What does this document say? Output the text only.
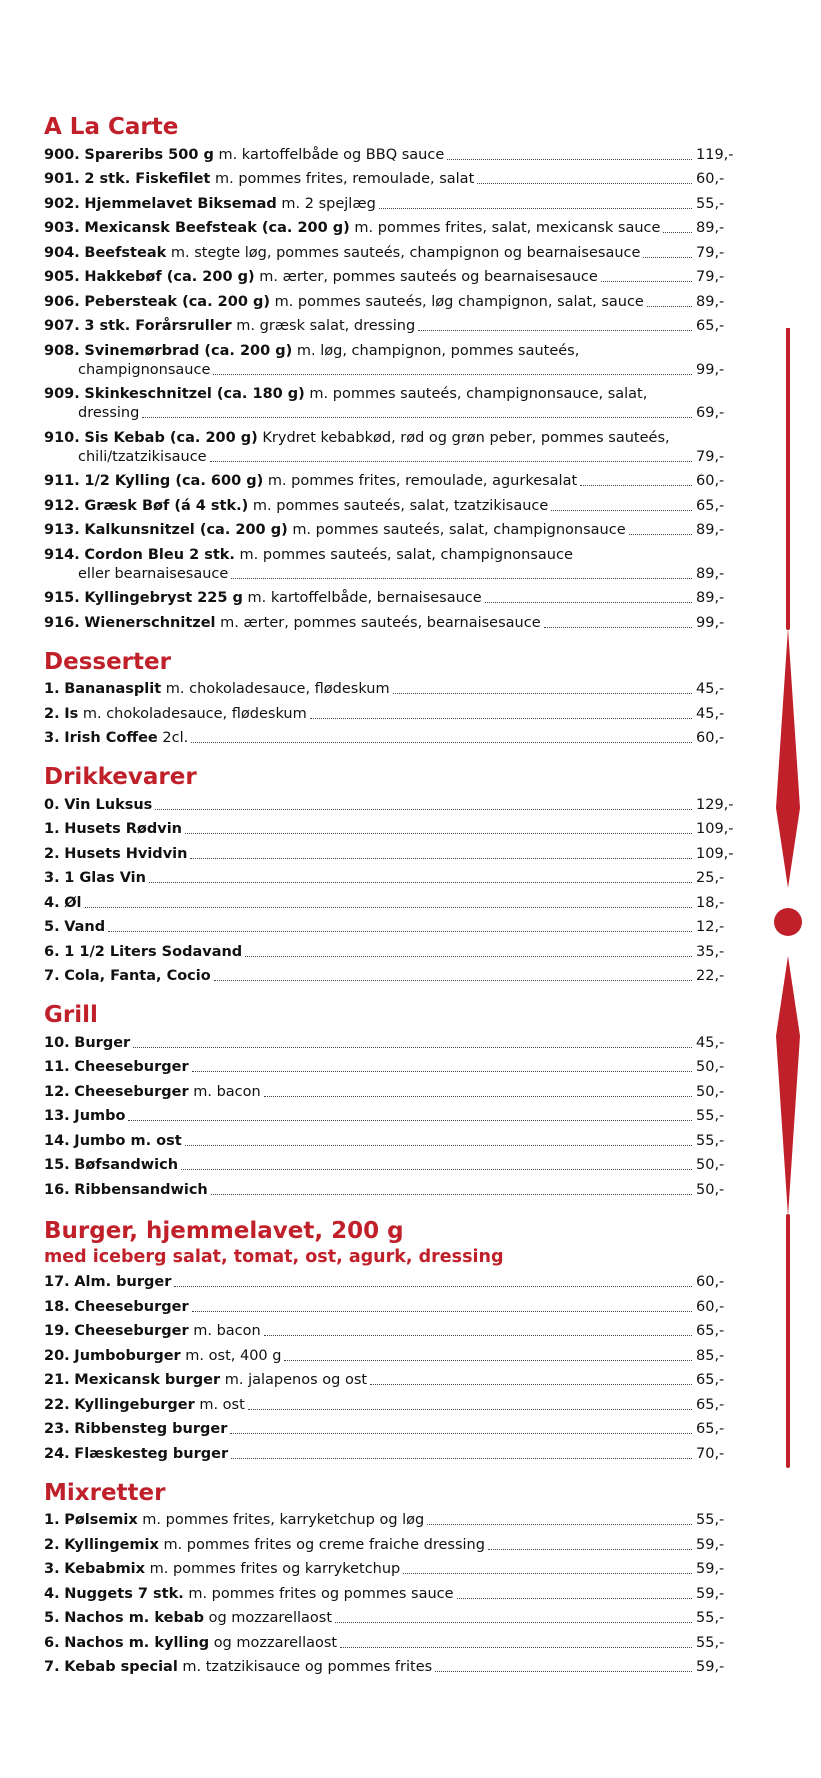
A La Carte
900. Spareribs 500 g m. kartoffelbåde og BBQ sauce	119,-
901. 2 stk. Fiskefilet m. pommes frites, remoulade, salat	60,-
902. Hjemmelavet Biksemad m. 2 spejlæg	55,-
903. Mexicansk Beefsteak (ca. 200 g) m. pommes frites, salat, mexicansk sauce 89,-
904. Beefsteak m. stegte løg, pommes sauteés, champignon og bearnaisesauce	79,-
905. Hakkebøf (ca. 200 g) m. ærter, pommes sauteés og bearnaisesauce	79,-
906. Pebersteak (ca. 200 g) m. pommes sauteés, løg champignon, salat, sauce	89,-
907. 3 stk. Forårsruller m. græsk salat, dressing	65,-
908. Svinemørbrad (ca. 200 g) m. løg, champignon, pommes sauteés,
champignonsauce	99,-
909. Skinkeschnitzel (ca. 180 g) m. pommes sauteés, champignonsauce, salat,
dressing	69,-
910. Sis Kebab (ca. 200 g) Krydret kebabkød, rød og grøn peber, pommes sauteés,
chili/tzatzikisauce	79,-
911. 1/2 Kylling (ca. 600 g) m. pommes frites, remoulade, agurkesalat	60,-
912. Græsk Bøf (á 4 stk.) m. pommes sauteés, salat, tzatzikisauce	65,-
913. Kalkunsnitzel (ca. 200 g) m. pommes sauteés, salat, champignonsauce	89,-
914. Cordon Bleu 2 stk. m. pommes sauteés, salat, champignonsauce
eller bearnaisesauce	89,-
915. Kyllingebryst 225 g m. kartoffelbåde, bernaisesauce	89,-
916. Wienerschnitzel m. ærter, pommes sauteés, bearnaisesauce	99,-
Desserter
1. Bananasplit m. chokoladesauce, flødeskum	45,-
2. Is m. chokoladesauce, flødeskum	45,-
3. Irish Coffee 2cl.	60,-
Drikkevarer
0. Vin Luksus	129,-
1. Husets Rødvin	109,-
2. Husets Hvidvin	109,-
3. 1 Glas Vin	25,-
4. Øl	18,-
5. Vand	12,-
6. 1 1/2 Liters Sodavand	35,-
7. Cola, Fanta, Cocio	22,-
Grill
10. Burger	45,-
11. Cheeseburger	50,-
12. Cheeseburger m. bacon	50,-
13. Jumbo	55,-
14. Jumbo m. ost	55,-
15. Bøfsandwich	50,-
16. Ribbensandwich	50,-
Burger, hjemmelavet, 200 g
med iceberg salat, tomat, ost, agurk, dressing
17. Alm. burger	60,-
18. Cheeseburger	60,-
19. Cheeseburger m. bacon	65,-
20. Jumboburger m. ost, 400 g	85,-
21. Mexicansk burger m. jalapenos og ost	65,-
22. Kyllingeburger m. ost	65,-
23. Ribbensteg burger	65,-
24. Flæskesteg burger	70,-
Mixretter
1. Pølsemix m. pommes frites, karryketchup og løg	55,-
2. Kyllingemix m. pommes frites og creme fraiche dressing	59,-
3. Kebabmix m. pommes frites og karryketchup	59,-
4. Nuggets 7 stk. m. pommes frites og pommes sauce	59,-
5. Nachos m. kebab og mozzarellaost	55,-
6. Nachos m. kylling og mozzarellaost	55,-
7. Kebab special m. tzatzikisauce og pommes frites	59,-
